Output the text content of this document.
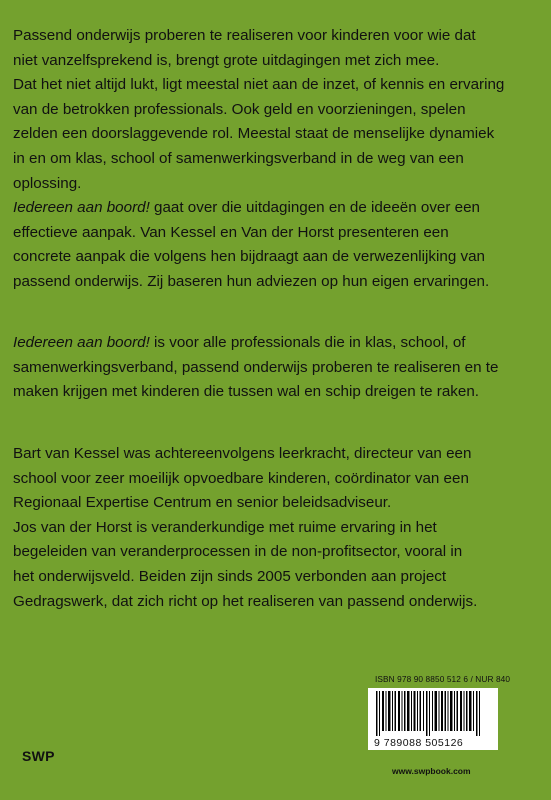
Passend onderwijs proberen te realiseren voor kinderen voor wie dat

niet vanzelfsprekend is, brengt grote uitdagingen met zich mee.

Dat het niet altijd lukt, ligt meestal niet aan de inzet, of kennis en ervaring

van de betrokken professionals. Ook geld en voorzieningen, spelen

zelden een doorslaggevende rol. Meestal staat de menselijke dynamiek

in en om klas, school of samenwerkingsverband in de weg van een

oplossing.

Iedereen aan boord! gaat over die uitdagingen en de ideeën over een

effectieve aanpak. Van Kessel en Van der Horst presenteren een

concrete aanpak die volgens hen bijdraagt aan de verwezenlijking van

passend onderwijs. Zij baseren hun adviezen op hun eigen ervaringen.

Iedereen aan boord! is voor alle professionals die in klas, school, of

samenwerkingsverband, passend onderwijs proberen te realiseren en te

maken krijgen met kinderen die tussen wal en schip dreigen te raken.

Bart van Kessel was achtereenvolgens leerkracht, directeur van een

school voor zeer moeilijk opvoedbare kinderen, coördinator van een

Regionaal Expertise Centrum en senior beleidsadviseur.

Jos van der Horst is veranderkundige met ruime ervaring in het

begeleiden van veranderprocessen in de non-profitsector, vooral in

het onderwijsveld. Beiden zijn sinds 2005 verbonden aan project

Gedragswerk, dat zich richt op het realiseren van passend onderwijs.

ISBN 978 90 8850 512 6 / NUR 840
9 789088 505126
www.swpbook.com
SWP
